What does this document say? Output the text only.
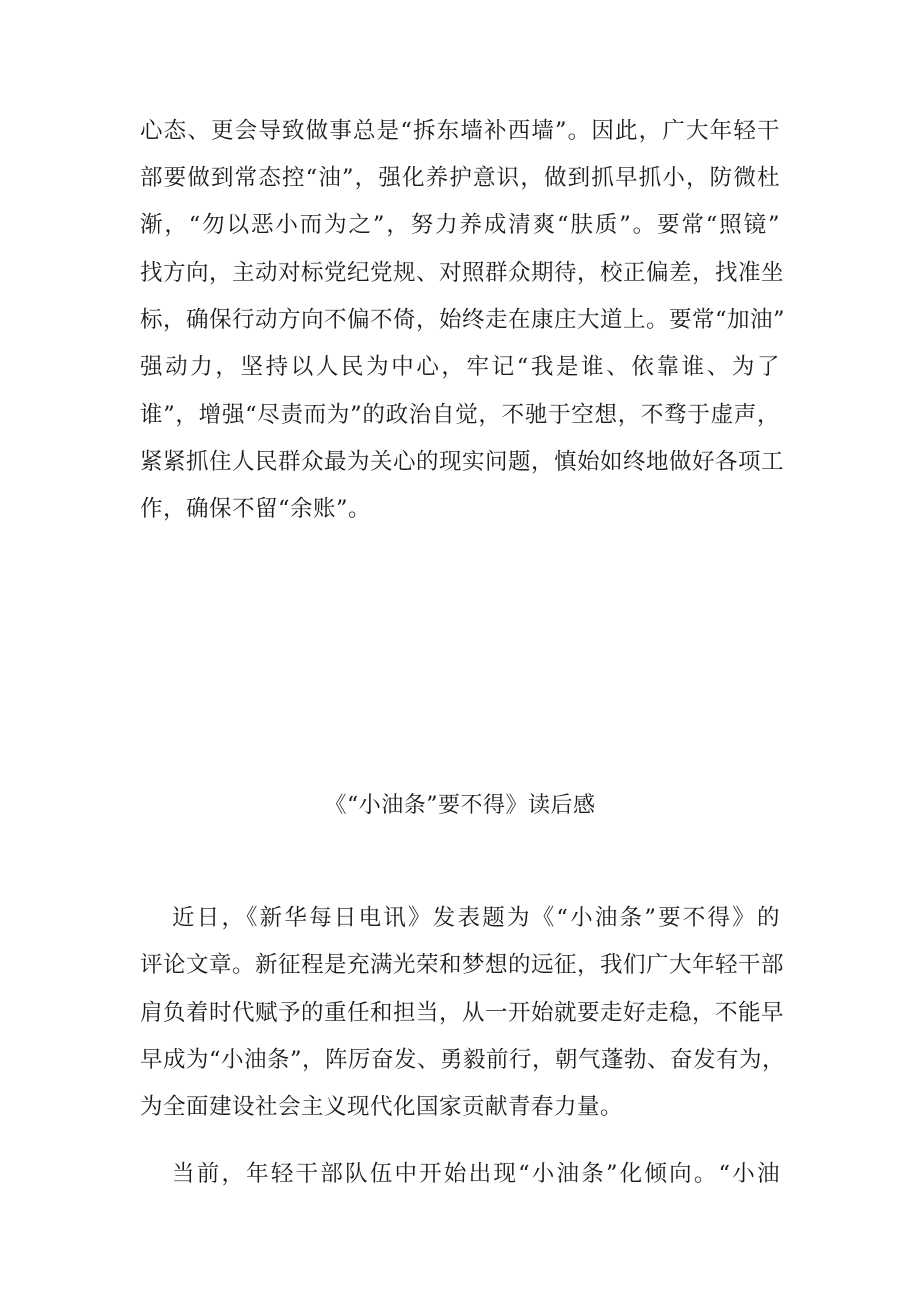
心态、更会导致做事总是“拆东墙补西墙”。因此，广大年轻干
部要做到常态控“油”，强化养护意识，做到抓早抓小，防微杜
渐，“勿以恶小而为之”，努力养成清爽“肤质”。要常“照镜”
找方向，主动对标党纪党规、对照群众期待，校正偏差，找准坐
标，确保行动方向不偏不倚，始终走在康庄大道上。要常“加油”
强动力，坚持以人民为中心，牢记“我是谁、依靠谁、为了
谁”，增强“尽责而为”的政治自觉，不驰于空想，不骛于虚声，
紧紧抓住人民群众最为关心的现实问题，慎始如终地做好各项工
作，确保不留“余账”。
《“小油条”要不得》读后感
近日，《新华每日电讯》发表题为《“小油条”要不得》的
评论文章。新征程是充满光荣和梦想的远征，我们广大年轻干部
肩负着时代赋予的重任和担当，从一开始就要走好走稳，不能早
早成为“小油条”，阵厉奋发、勇毅前行，朝气蓬勃、奋发有为，
为全面建设社会主义现代化国家贡献青春力量。
当前，年轻干部队伍中开始出现“小油条”化倾向。“小油
